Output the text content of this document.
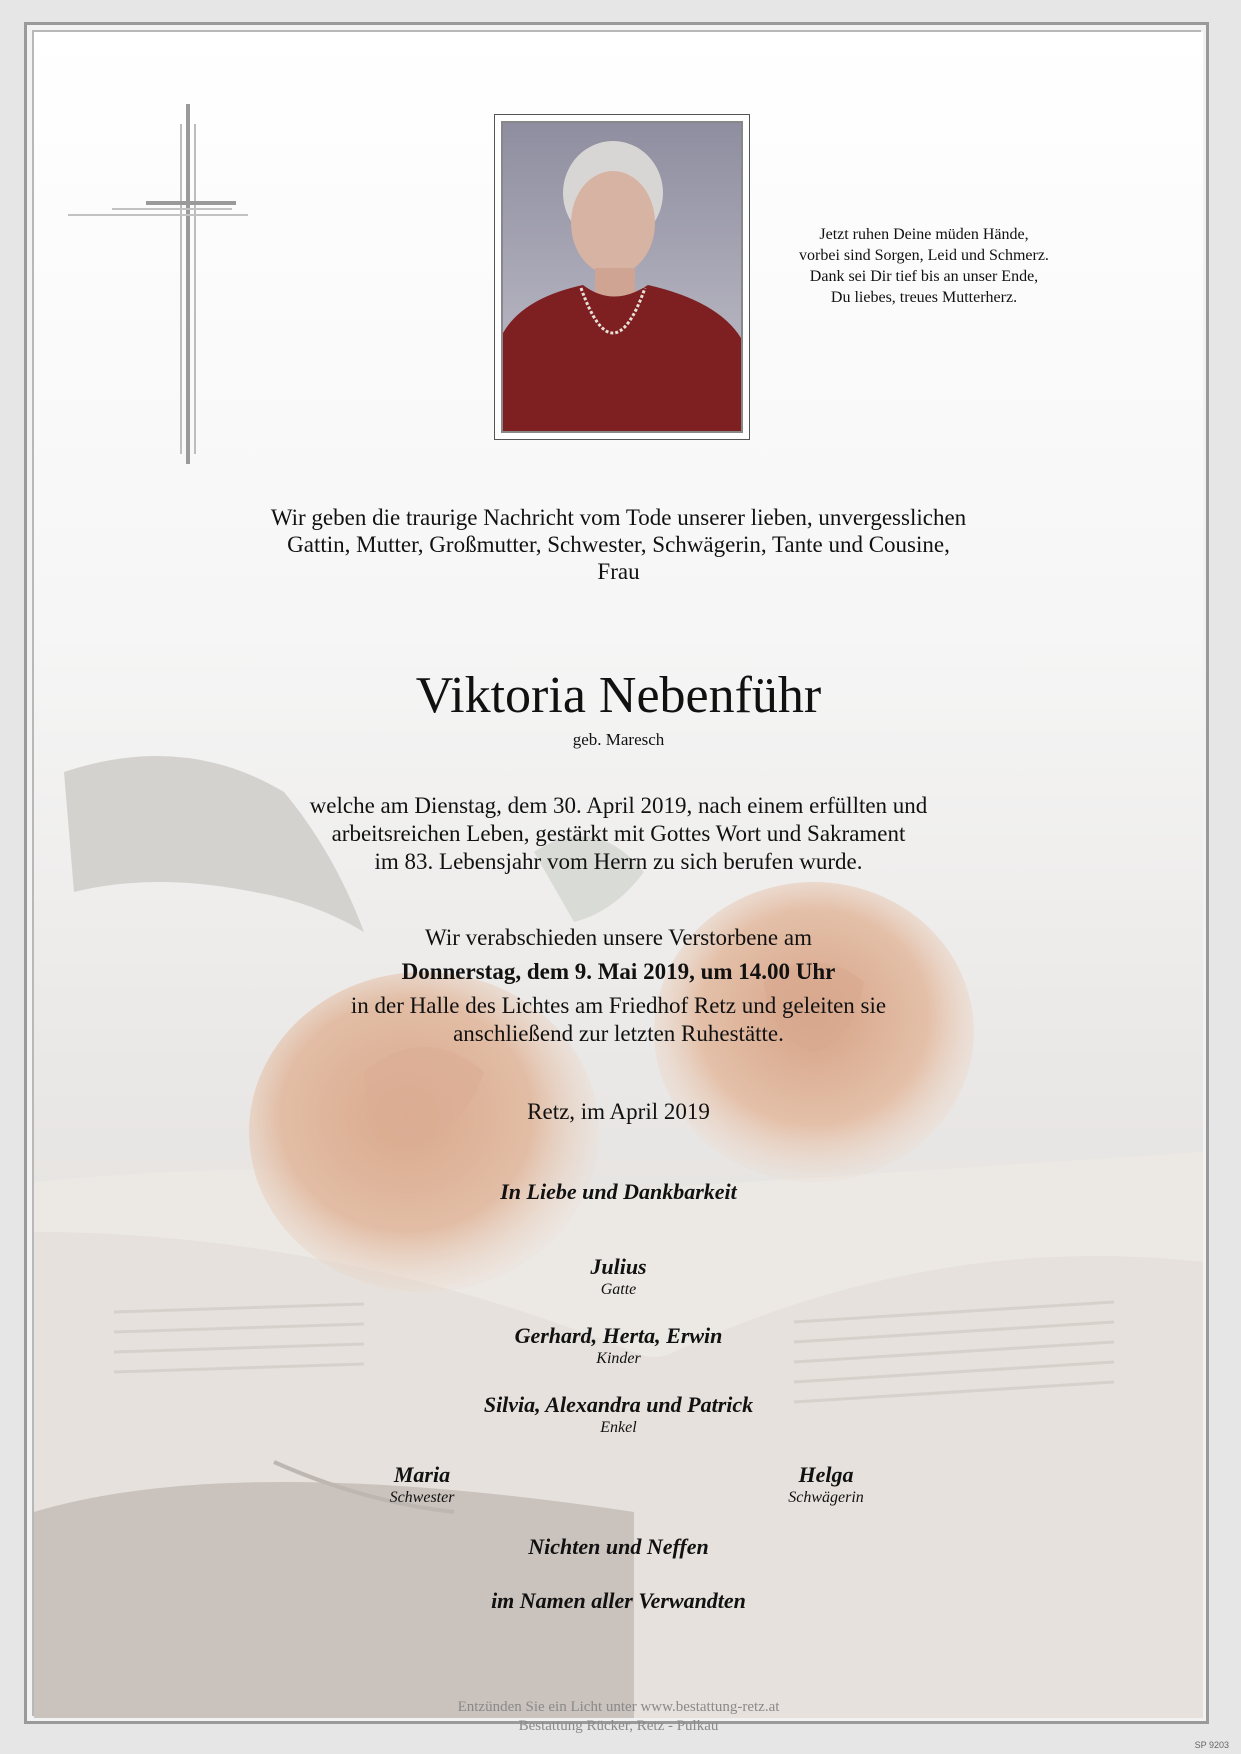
Jetzt ruhen Deine müden Hände,
vorbei sind Sorgen, Leid und Schmerz.
Dank sei Dir tief bis an unser Ende,
Du liebes, treues Mutterherz.
Wir geben die traurige Nachricht vom Tode unserer lieben, unvergesslichen
Gattin, Mutter, Großmutter, Schwester, Schwägerin, Tante und Cousine,
Frau
Viktoria Nebenführ
geb. Maresch
welche am Dienstag, dem 30. April 2019, nach einem erfüllten und
arbeitsreichen Leben, gestärkt mit Gottes Wort und Sakrament
im 83. Lebensjahr vom Herrn zu sich berufen wurde.
Wir verabschieden unsere Verstorbene am
Donnerstag, dem 9. Mai 2019, um 14.00 Uhr
in der Halle des Lichtes am Friedhof Retz und geleiten sie
anschließend zur letzten Ruhestätte.
Retz, im April 2019
In Liebe und Dankbarkeit
Julius
Gatte
Gerhard, Herta, Erwin
Kinder
Silvia, Alexandra und Patrick
Enkel
Maria
Schwester
Helga
Schwägerin
Nichten und Neffen
im Namen aller Verwandten
Entzünden Sie ein Licht unter www.bestattung-retz.at
Bestattung Rücker, Retz - Pulkau
SP 9203
